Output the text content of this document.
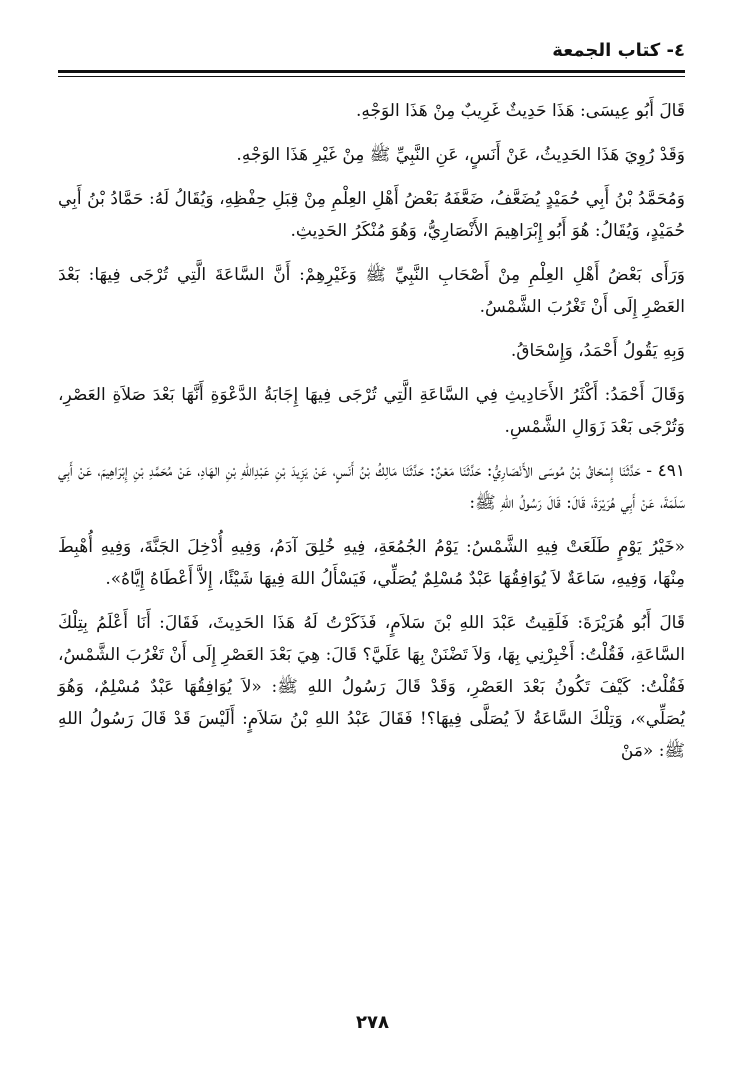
٤- كتاب الجمعة

قَالَ أَبُو عِيسَى: هَذَا حَدِيثٌ غَرِيبٌ مِنْ هَذَا الوَجْهِ.

وَقَدْ رُوِيَ هَذَا الحَدِيثُ، عَنْ أَنَسٍ، عَنِ النَّبِيِّ ﷺ مِنْ غَيْرِ هَذَا الوَجْهِ.

وَمُحَمَّدُ بْنُ أَبِي حُمَيْدٍ يُضَعَّفُ، ضَعَّفَهُ بَعْضُ أَهْلِ العِلْمِ مِنْ قِبَلِ حِفْظِهِ، وَيُقَالُ لَهُ: حَمَّادُ بْنُ أَبِي حُمَيْدٍ، وَيُقَالُ: هُوَ أَبُو إِبْرَاهِيمَ الأَنْصَارِيُّ، وَهُوَ مُنْكَرُ الحَدِيثِ.

وَرَأَى بَعْضُ أَهْلِ العِلْمِ مِنْ أَصْحَابِ النَّبِيِّ ﷺ وَغَيْرِهِمْ: أَنَّ السَّاعَةَ الَّتِي تُرْجَى فِيهَا: بَعْدَ العَصْرِ إِلَى أَنْ تَغْرُبَ الشَّمْسُ.

وَبِهِ يَقُولُ أَحْمَدُ، وَإِسْحَاقُ.

وَقَالَ أَحْمَدُ: أَكْثَرُ الأَحَادِيثِ فِي السَّاعَةِ الَّتِي تُرْجَى فِيهَا إِجَابَةُ الدَّعْوَةِ أَنَّهَا بَعْدَ صَلاَةِ العَصْرِ، وَتُرْجَى بَعْدَ زَوَالِ الشَّمْسِ.

٤٩١ - حَدَّثَنَا إِسْحَاقُ بْنُ مُوسَى الأَنْصَارِيُّ: حَدَّثَنَا مَعْنٌ: حَدَّثَنَا مَالِكُ بْنُ أَنَسٍ، عَنْ يَزِيدَ بْنِ عَبْدِاللهِ بْنِ الهَادِ، عَنْ مُحَمَّدِ بْنِ إِبْرَاهِيمَ، عَنْ أَبِي سَلَمَةَ، عَنْ أَبِي هُرَيْرَةَ، قَالَ: قَالَ رَسُولُ اللهِ ﷺ:

«خَيْرُ يَوْمٍ طَلَعَتْ فِيهِ الشَّمْسُ: يَوْمُ الجُمُعَةِ، فِيهِ خُلِقَ آدَمُ، وَفِيهِ أُدْخِلَ الجَنَّةَ، وَفِيهِ أُهْبِطَ مِنْهَا، وَفِيهِ، سَاعَةٌ لاَ يُوَافِقُهَا عَبْدٌ مُسْلِمٌ يُصَلِّي، فَيَسْأَلُ اللهَ فِيهَا شَيْئًا، إِلاَّ أَعْطَاهُ إِيَّاهُ».

قَالَ أَبُو هُرَيْرَةَ: فَلَقِيتُ عَبْدَ اللهِ بْنَ سَلاَمٍ، فَذَكَرْتُ لَهُ هَذَا الحَدِيثَ، فَقَالَ: أَنَا أَعْلَمُ بِتِلْكَ السَّاعَةِ، فَقُلْتُ: أَخْبِرْنِي بِهَا، وَلاَ تَضْنَنْ بِهَا عَلَيَّ؟ قَالَ: هِيَ بَعْدَ العَصْرِ إِلَى أَنْ تَغْرُبَ الشَّمْسُ، فَقُلْتُ: كَيْفَ تَكُونُ بَعْدَ العَصْرِ، وَقَدْ قَالَ رَسُولُ اللهِ ﷺ: «لاَ يُوَافِقُهَا عَبْدٌ مُسْلِمٌ، وَهُوَ يُصَلِّي»، وَتِلْكَ السَّاعَةُ لاَ يُصَلَّى فِيهَا؟! فَقَالَ عَبْدُ اللهِ بْنُ سَلاَمٍ: أَلَيْسَ قَدْ قَالَ رَسُولُ اللهِ ﷺ: «مَنْ

٢٧٨
